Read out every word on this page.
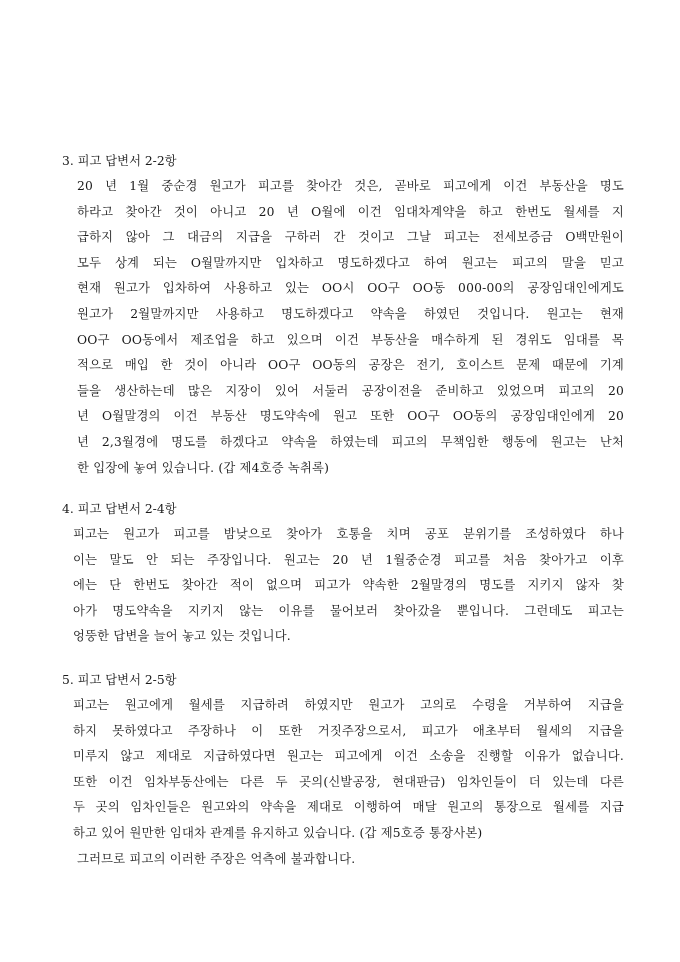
3. 피고 답변서 2-2항
20 년 1월 중순경 원고가 피고를 찾아간 것은, 곧바로 피고에게 이건 부동산을 명도
하라고 찾아간 것이 아니고 20 년 O월에 이건 임대차계약을 하고 한번도 월세를 지
급하지 않아 그 대금의 지급을 구하러 간 것이고 그날 피고는 전세보증금 O백만원이
모두 상계 되는 O월말까지만 입차하고 명도하겠다고 하여 원고는 피고의 말을 믿고
현재 원고가 입차하여 사용하고 있는 OO시 OO구 OO동 000-00의 공장임대인에게도
원고가 2월말까지만 사용하고 명도하겠다고 약속을 하였던 것입니다. 원고는 현재
OO구 OO동에서 제조업을 하고 있으며 이건 부동산을 매수하게 된 경위도 임대를 목
적으로 매입 한 것이 아니라 OO구 OO동의 공장은 전기, 호이스트 문제 때문에 기계
들을 생산하는데 많은 지장이 있어 서둘러 공장이전을 준비하고 있었으며 피고의 20
년 O월말경의 이건 부동산 명도약속에 원고 또한 OO구 OO동의 공장임대인에게 20
년 2,3월경에 명도를 하겠다고 약속을 하였는데 피고의 무책임한 행동에 원고는 난처
한 입장에 놓여 있습니다. (갑 제4호증 녹취록)
4. 피고 답변서 2-4항
피고는 원고가 피고를 밤낮으로 찾아가 호통을 치며 공포 분위기를 조성하였다 하나
이는 말도 안 되는 주장입니다. 원고는 20 년 1월중순경 피고를 처음 찾아가고 이후
에는 단 한번도 찾아간 적이 없으며 피고가 약속한 2월말경의 명도를 지키지 않자 찾
아가 명도약속을 지키지 않는 이유를 물어보러 찾아갔을 뿐입니다. 그런데도 피고는
엉뚱한 답변을 늘어 놓고 있는 것입니다.
5. 피고 답변서 2-5항
피고는 원고에게 월세를 지급하려 하였지만 원고가 고의로 수령을 거부하여 지급을
하지 못하였다고 주장하나 이 또한 거짓주장으로서, 피고가 애초부터 월세의 지급을
미루지 않고 제대로 지급하였다면 원고는 피고에게 이건 소송을 진행할 이유가 없습니다.
또한 이건 임차부동산에는 다른 두 곳의(신발공장, 현대판금) 임차인들이 더 있는데 다른
두 곳의 임차인들은 원고와의 약속을 제대로 이행하여 매달 원고의 통장으로 월세를 지급
하고 있어 원만한 임대차 관계를 유지하고 있습니다. (갑 제5호증 통장사본)
그러므로 피고의 이러한 주장은 억측에 불과합니다.
